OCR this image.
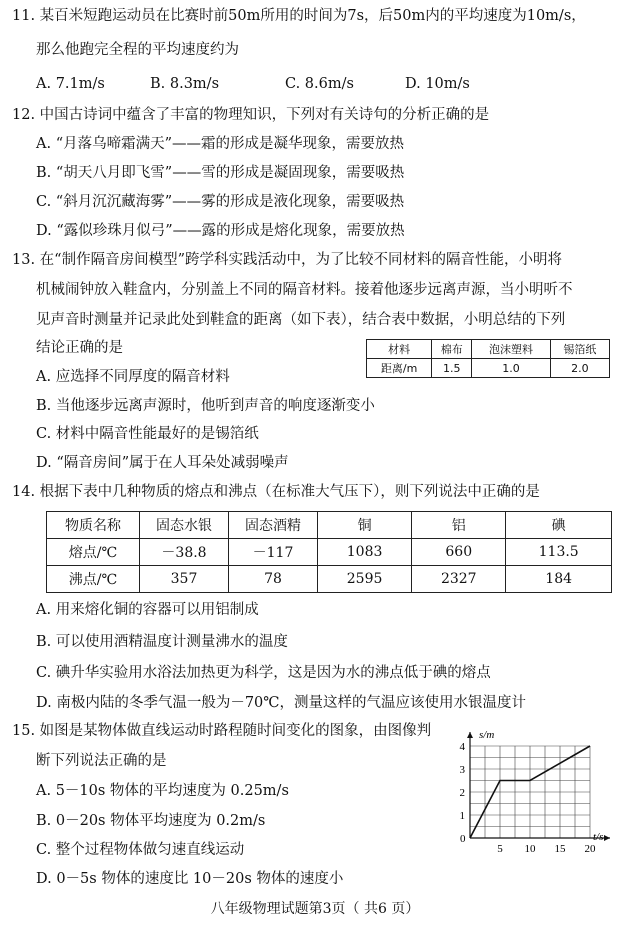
11. 某百米短跑运动员在比赛时前50m所用的时间为7s，后50m内的平均速度为10m/s，
那么他跑完全程的平均速度约为
A. 7.1m/s	B. 8.3m/s	C. 8.6m/s	D. 10m/s
12. 中国古诗词中蕴含了丰富的物理知识，下列对有关诗句的分析正确的是
A. “月落乌啼霜满天”——霜的形成是凝华现象，需要放热
B. “胡天八月即飞雪”——雪的形成是凝固现象，需要吸热
C. “斜月沉沉藏海雾”——雾的形成是液化现象，需要吸热
D. “露似珍珠月似弓”——露的形成是熔化现象，需要放热
13. 在“制作隔音房间模型”跨学科实践活动中，为了比较不同材料的隔音性能，小明将
机械闹钟放入鞋盒内，分别盖上不同的隔音材料。接着他逐步远离声源，当小明听不
见声音时测量并记录此处到鞋盒的距离（如下表），结合表中数据，小明总结的下列
结论正确的是	材料	棉布	泡沫塑料	锡箔纸
距离/m	1.5	1.0	2.0
A. 应选择不同厚度的隔音材料
B. 当他逐步远离声源时，他听到声音的响度逐渐变小
C. 材料中隔音性能最好的是锡箔纸
D. “隔音房间”属于在人耳朵处减弱噪声
14. 根据下表中几种物质的熔点和沸点（在标准大气压下），则下列说法中正确的是
物质名称	固态水银	固态酒精	铜	铝	碘
熔点/℃	－38.8	－117	1083	660	113.5
沸点/℃	357	78	2595	2327	184
A. 用来熔化铜的容器可以用铝制成
B. 可以使用酒精温度计测量沸水的温度
C. 碘升华实验用水浴法加热更为科学，这是因为水的沸点低于碘的熔点
D. 南极内陆的冬季气温一般为－70℃，测量这样的气温应该使用水银温度计
15. 如图是某物体做直线运动时路程随时间变化的图象，由图像判
断下列说法正确的是
A. 5－10s 物体的平均速度为 0.25m/s
B. 0－20s 物体平均速度为 0.2m/s
C. 整个过程物体做匀速直线运动
D. 0－5s 物体的速度比 10－20s 物体的速度小
s/m
t/s
0
5 10 15 20
1
2
3
4
八年级物理试题第3页（ 共6 页）
